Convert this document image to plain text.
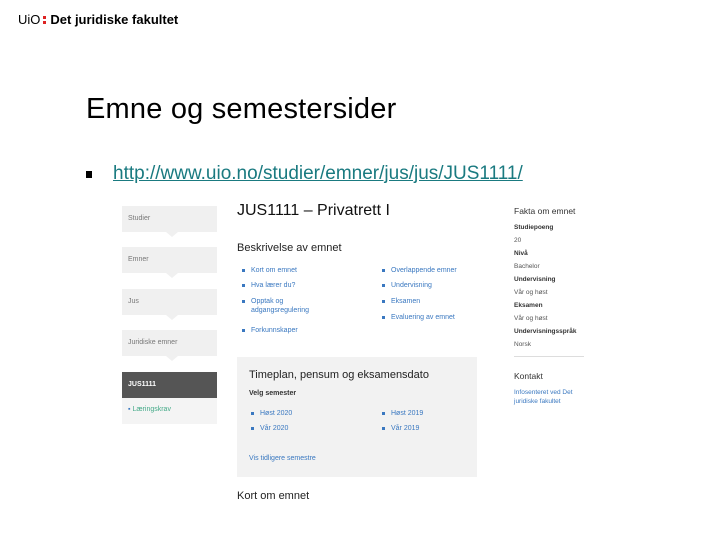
UiO Det juridiske fakultet
Emne og semestersider
http://www.uio.no/studier/emner/jus/jus/JUS1111/
Studier
Emner
Jus
Juridiske emner
JUS1111
▪ Læringskrav
JUS1111 – Privatrett I
Beskrivelse av emnet
Kort om emnet
Hva lærer du?
Opptak og
adgangsregulering
Forkunnskaper
Overlappende emner
Undervisning
Eksamen
Evaluering av emnet
Timeplan, pensum og eksamensdato
Velg semester
Høst 2020
Vår 2020
Høst 2019
Vår 2019
Vis tidligere semestre
Kort om emnet
Fakta om emnet
Studiepoeng
20
Nivå
Bachelor
Undervisning
Vår og høst
Eksamen
Vår og høst
Undervisningsspråk
Norsk
Kontakt
Infosenteret ved Det
juridiske fakultet
